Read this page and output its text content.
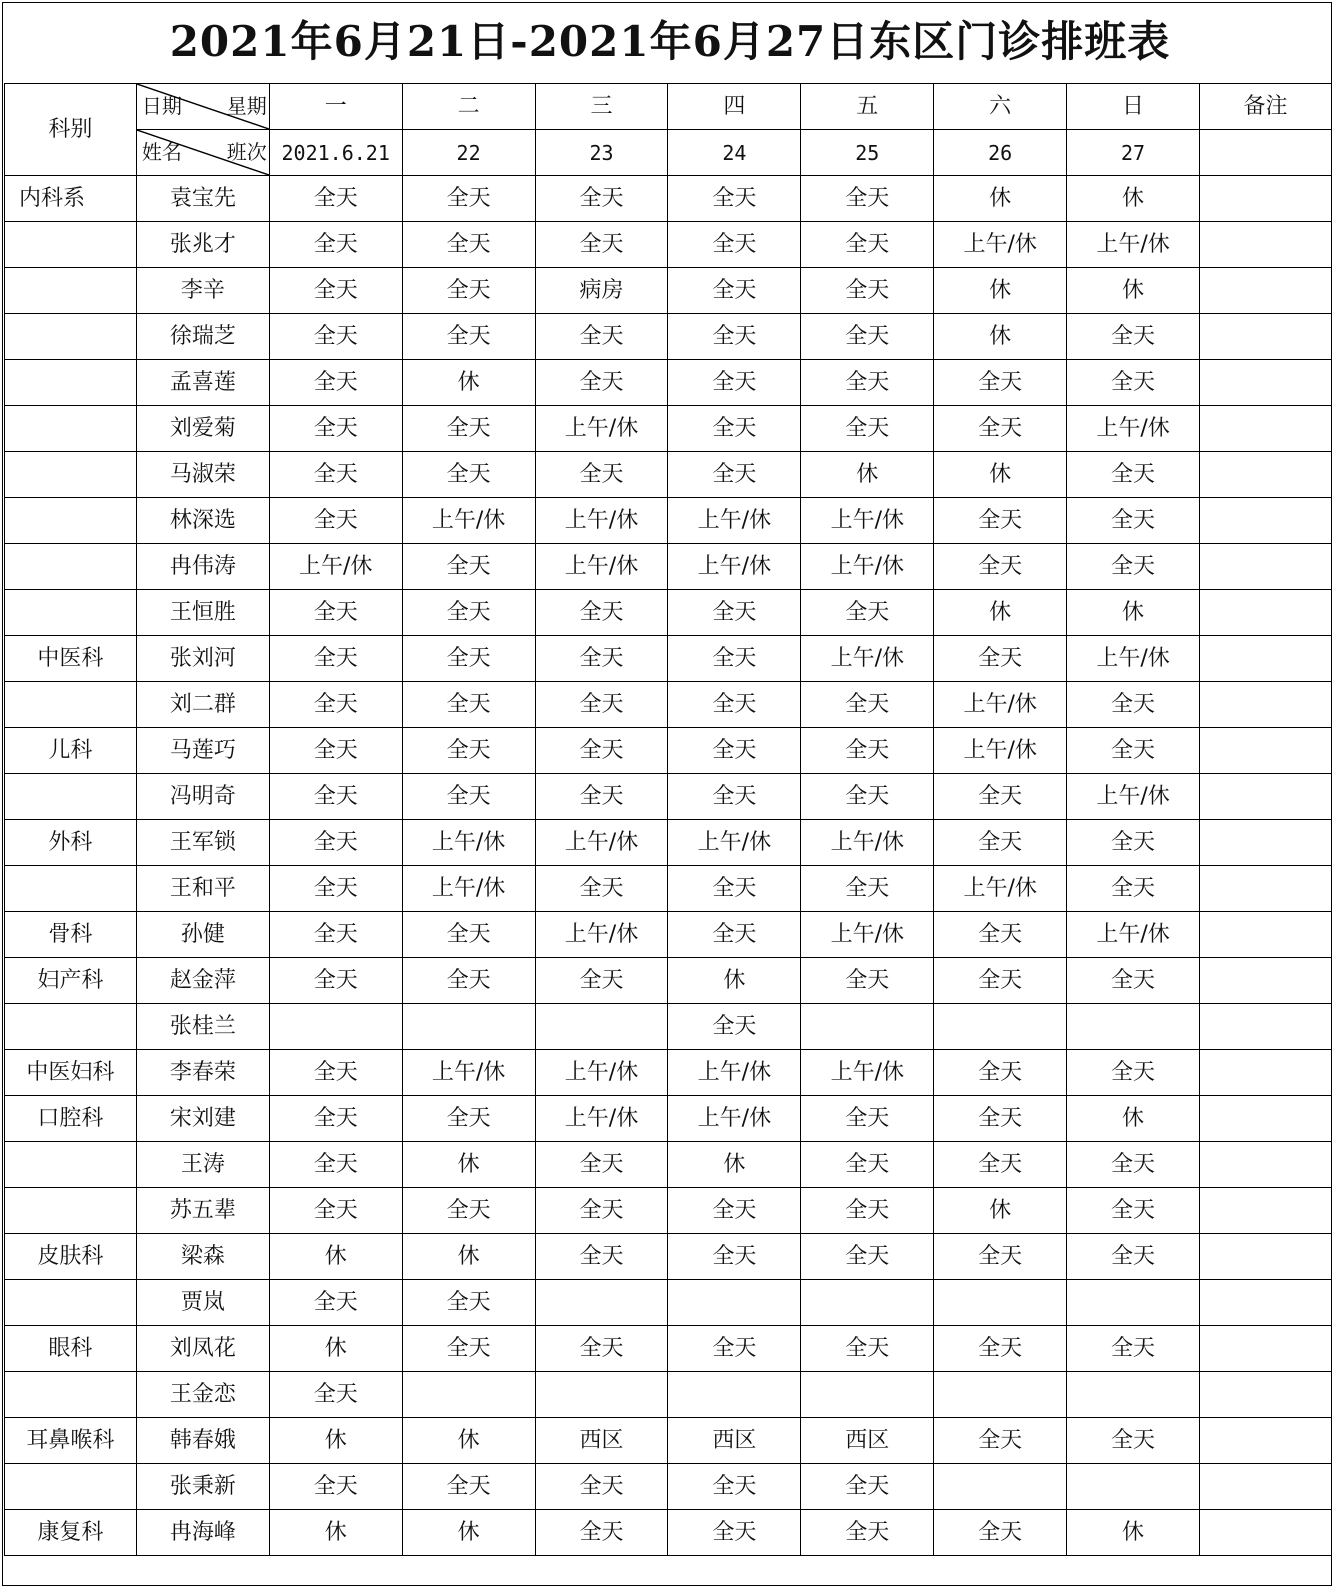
2021年6月21日-2021年6月27日东区门诊排班表
科别	日期 星期	一	二	三	四	五	六	日	备注

	姓名 班次	2021.6.21	22	23	24	25	26	27	
内科系	袁宝先	全天	全天	全天	全天	全天	休	休	
	张兆才	全天	全天	全天	全天	全天	上午/休	上午/休	
	李辛	全天	全天	病房	全天	全天	休	休	
	徐瑞芝	全天	全天	全天	全天	全天	休	全天	
	孟喜莲	全天	休	全天	全天	全天	全天	全天	
	刘爱菊	全天	全天	上午/休	全天	全天	全天	上午/休	
	马淑荣	全天	全天	全天	全天	休	休	全天	
	林深选	全天	上午/休	上午/休	上午/休	上午/休	全天	全天	
	冉伟涛	上午/休	全天	上午/休	上午/休	上午/休	全天	全天	
	王恒胜	全天	全天	全天	全天	全天	休	休	
中医科	张刘河	全天	全天	全天	全天	上午/休	全天	上午/休	
	刘二群	全天	全天	全天	全天	全天	上午/休	全天	
儿科	马莲巧	全天	全天	全天	全天	全天	上午/休	全天	
	冯明奇	全天	全天	全天	全天	全天	全天	上午/休	
外科	王军锁	全天	上午/休	上午/休	上午/休	上午/休	全天	全天	
	王和平	全天	上午/休	全天	全天	全天	上午/休	全天	
骨科	孙健	全天	全天	上午/休	全天	上午/休	全天	上午/休	
妇产科	赵金萍	全天	全天	全天	休	全天	全天	全天	
	张桂兰				全天				
中医妇科	李春荣	全天	上午/休	上午/休	上午/休	上午/休	全天	全天	
口腔科	宋刘建	全天	全天	上午/休	上午/休	全天	全天	休	
	王涛	全天	休	全天	休	全天	全天	全天	
	苏五辈	全天	全天	全天	全天	全天	休	全天	
皮肤科	梁森	休	休	全天	全天	全天	全天	全天	
	贾岚	全天	全天						
眼科	刘凤花	休	全天	全天	全天	全天	全天	全天	
	王金恋	全天							
耳鼻喉科	韩春娥	休	休	西区	西区	西区	全天	全天	
	张秉新	全天	全天	全天	全天	全天			
康复科	冉海峰	休	休	全天	全天	全天	全天	休	
